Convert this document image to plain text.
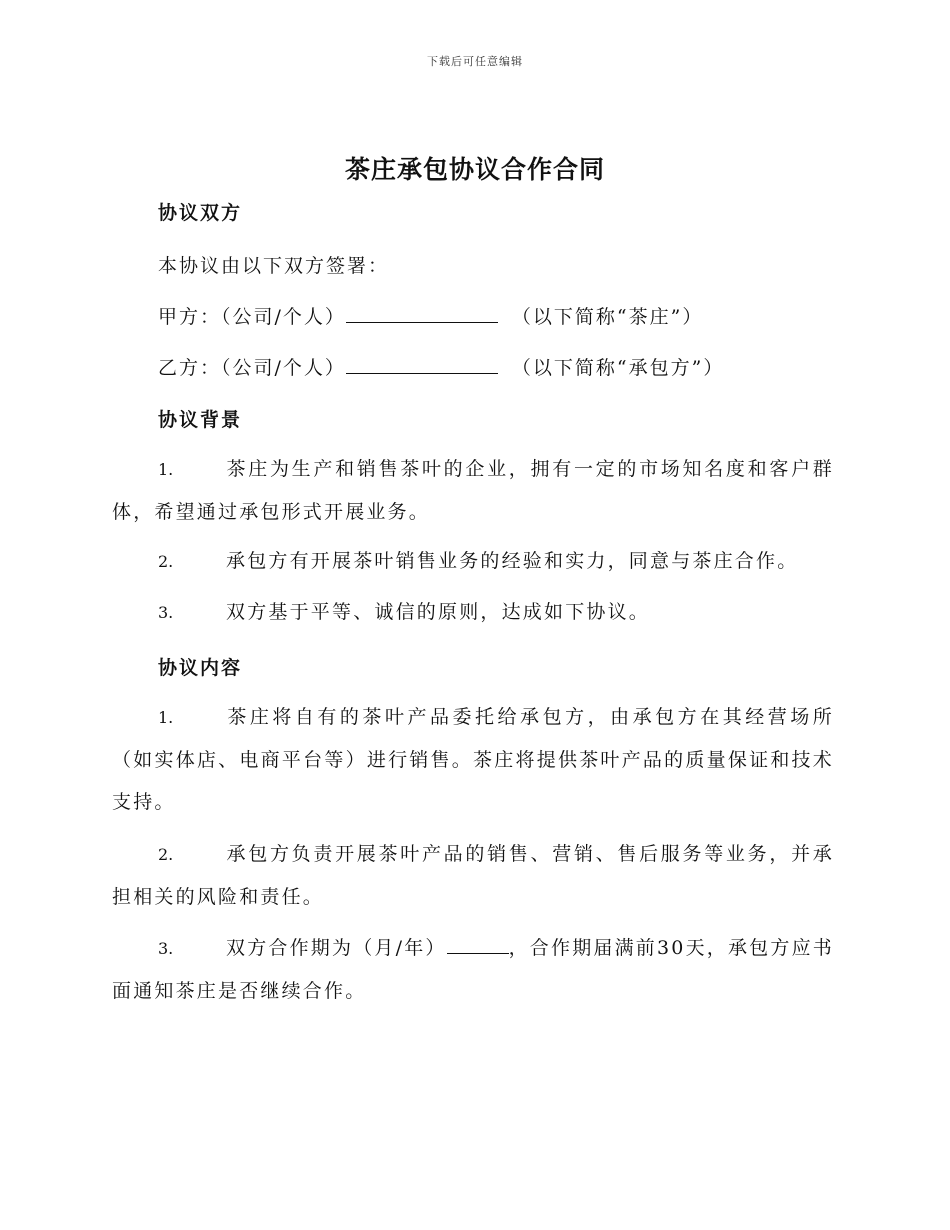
下载后可任意编辑
茶庄承包协议合作合同
协议双方
本协议由以下双方签署：
甲方：（公司/个人）	（以下简称“茶庄”）
乙方：（公司/个人）	（以下简称“承包方”）
协议背景
1.	茶庄为生产和销售茶叶的企业，拥有一定的市场知名度和客户群体，希望通过承包形式开展业务。
2.	承包方有开展茶叶销售业务的经验和实力，同意与茶庄合作。
3.	双方基于平等、诚信的原则，达成如下协议。
协议内容
1.	茶庄将自有的茶叶产品委托给承包方，由承包方在其经营场所（如实体店、电商平台等）进行销售。茶庄将提供茶叶产品的质量保证和技术支持。
2.	承包方负责开展茶叶产品的销售、营销、售后服务等业务，并承担相关的风险和责任。
3.	双方合作期为（月/年）	，合作期届满前30天，承包方应书面通知茶庄是否继续合作。
